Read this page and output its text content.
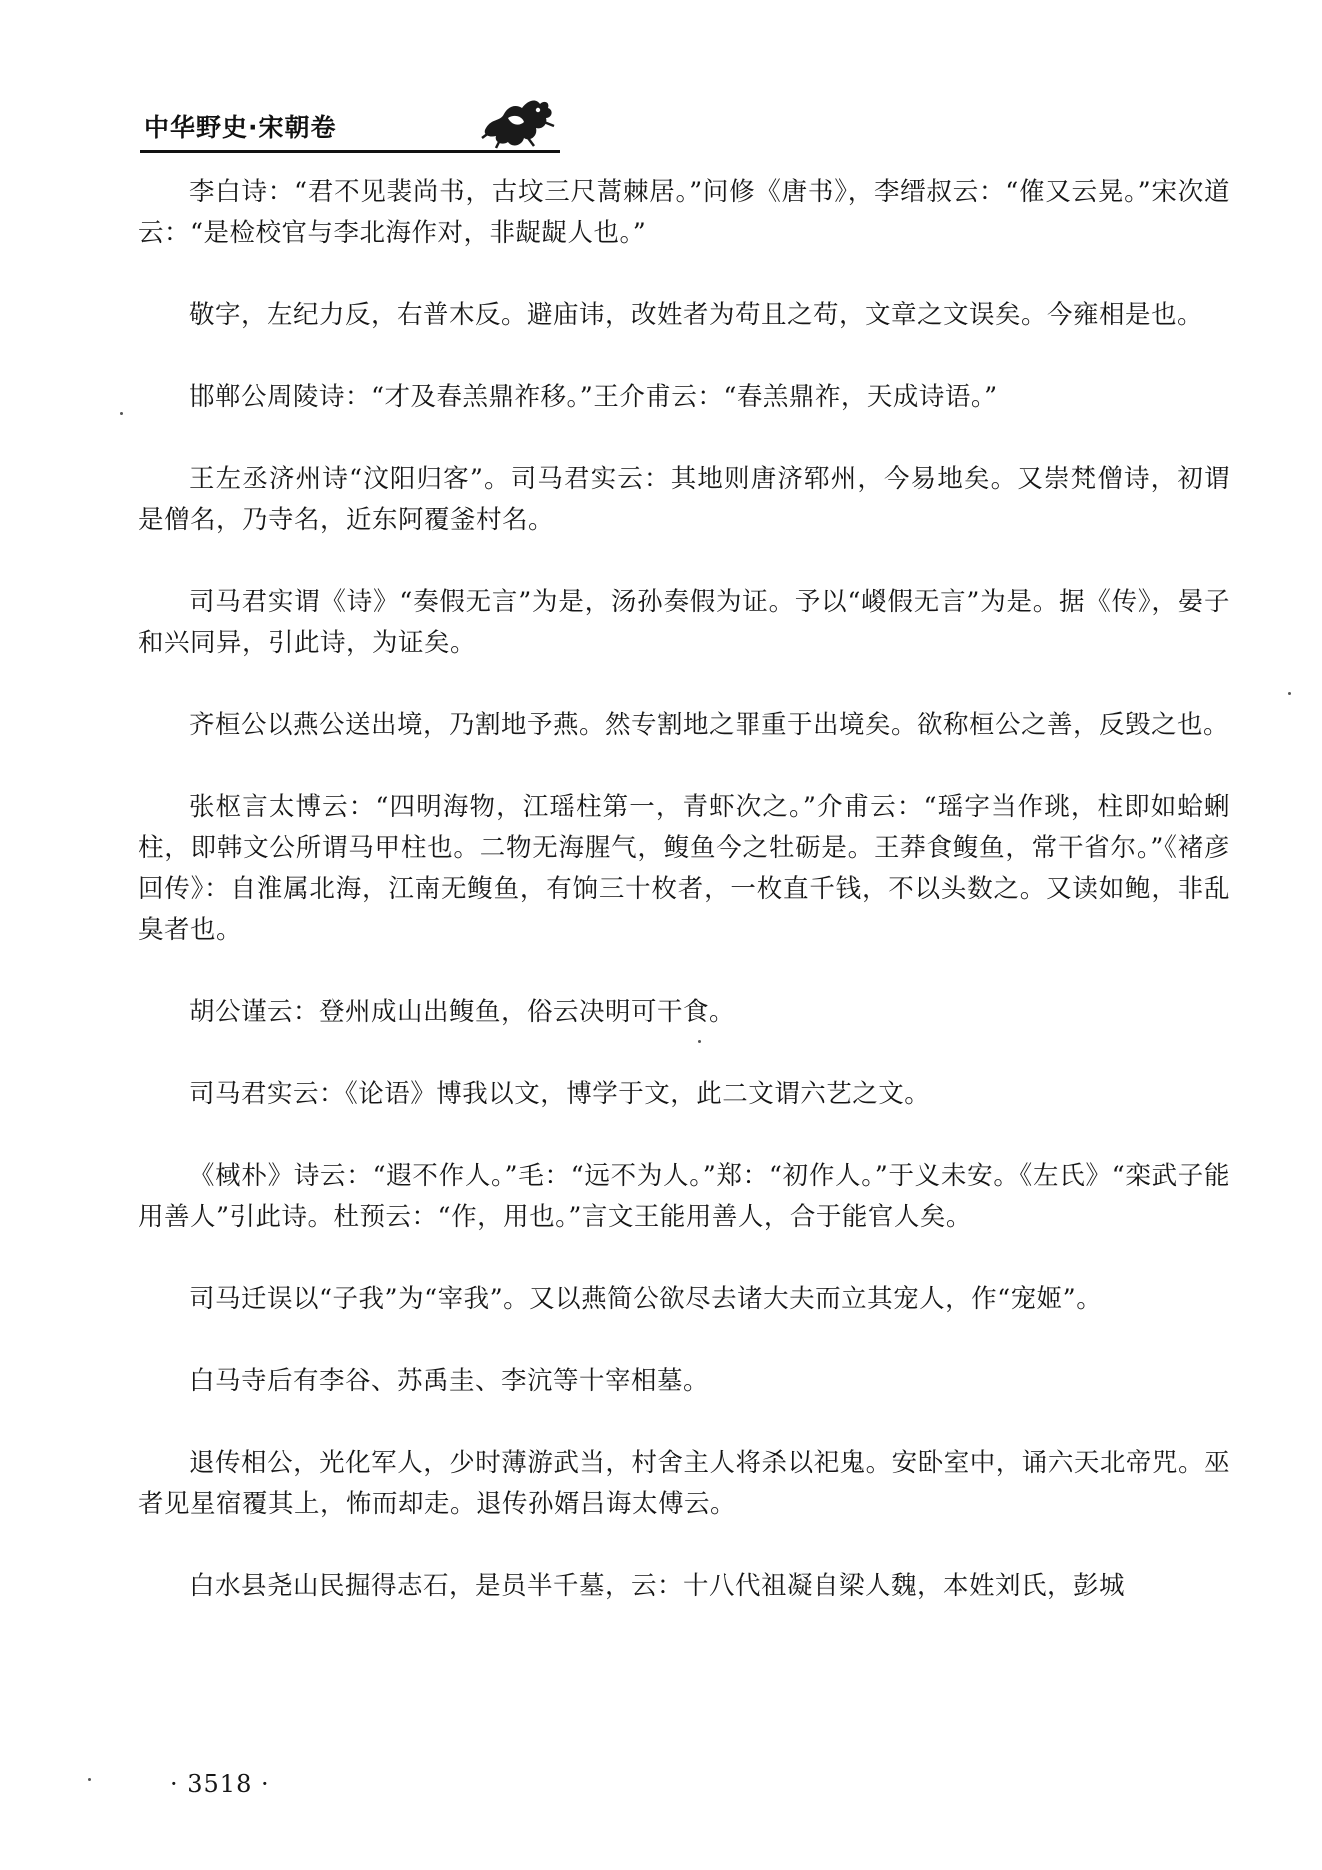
中华野史·宋朝卷

李白诗：“君不见裴尚书，古坟三尺蒿棘居。”问修《唐书》，李缙叔云：“傕又云晃。”宋次道云：“是检校官与李北海作对，非龊龊人也。”

敬字，左纪力反，右普木反。避庙讳，改姓者为苟且之苟，文章之文误矣。今雍相是也。

邯郸公周陵诗：“才及春羔鼎祚移。”王介甫云：“春羔鼎祚，天成诗语。”

王左丞济州诗“汶阳归客”。司马君实云：其地则唐济郓州，今易地矣。又崇梵僧诗，初谓是僧名，乃寺名，近东阿覆釜村名。

司马君实谓《诗》“奏假无言”为是，汤孙奏假为证。予以“嵕假无言”为是。据《传》，晏子和兴同异，引此诗，为证矣。

齐桓公以燕公送出境，乃割地予燕。然专割地之罪重于出境矣。欲称桓公之善，反毁之也。

张枢言太博云：“四明海物，江瑶柱第一，青虾次之。”介甫云：“瑶字当作珧，柱即如蛤蜊柱，即韩文公所谓马甲柱也。二物无海腥气，鳆鱼今之牡砺是。王莽食鳆鱼，常干省尔。”《褚彦回传》：自淮属北海，江南无鳆鱼，有饷三十枚者，一枚直千钱，不以头数之。又读如鲍，非乱臭者也。

胡公谨云：登州成山出鳆鱼，俗云决明可干食。

司马君实云：《论语》博我以文，博学于文，此二文谓六艺之文。

《棫朴》诗云：“遐不作人。”毛：“远不为人。”郑：“初作人。”于义未安。《左氏》“栾武子能用善人”引此诗。杜预云：“作，用也。”言文王能用善人，合于能官人矣。

司马迁误以“子我”为“宰我”。又以燕简公欲尽去诸大夫而立其宠人，作“宠姬”。

白马寺后有李谷、苏禹圭、李沆等十宰相墓。

退传相公，光化军人，少时薄游武当，村舍主人将杀以祀鬼。安卧室中，诵六天北帝咒。巫者见星宿覆其上，怖而却走。退传孙婿吕诲太傅云。

白水县尧山民掘得志石，是员半千墓，云：十八代祖凝自梁人魏，本姓刘氏，彭城

· 3518 ·
